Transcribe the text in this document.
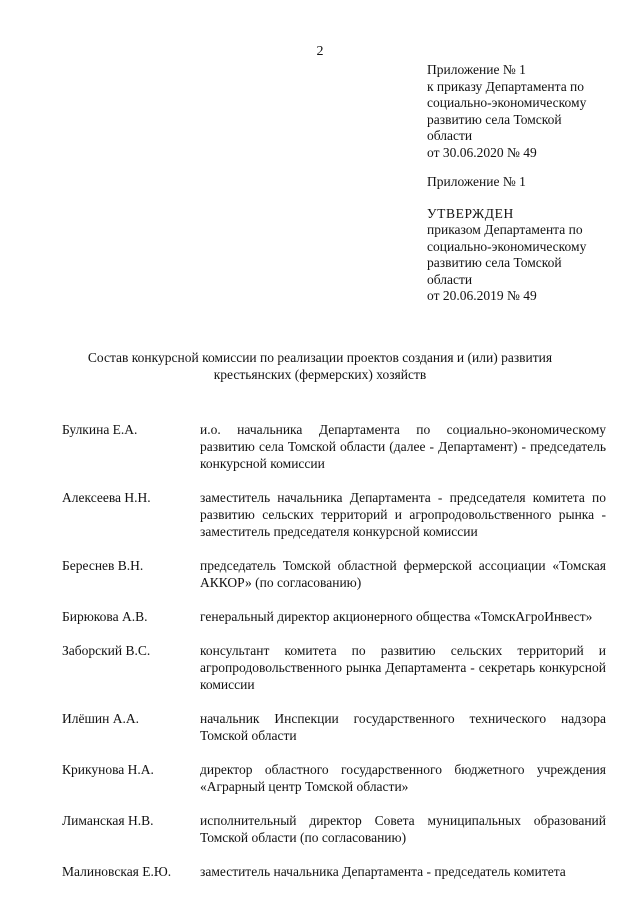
2
Приложение № 1
к приказу Департамента по
социально-экономическому
развитию села Томской
области
от 30.06.2020 № 49
Приложение № 1
УТВЕРЖДЕН
приказом Департамента по
социально-экономическому
развитию села Томской
области
от 20.06.2019 № 49
Состав конкурсной комиссии по реализации проектов создания и (или) развития
крестьянских (фермерских) хозяйств
Булкина Е.А.	и.о. начальника Департамента по социально-экономическому развитию села Томской области (далее - Департамент) - председатель конкурсной комиссии
Алексеева Н.Н.	заместитель начальника Департамента - председателя комитета по развитию сельских территорий и агропродовольственного рынка - заместитель председателя конкурсной комиссии
Береснев В.Н.	председатель Томской областной фермерской ассоциации «Томская АККОР» (по согласованию)
Бирюкова А.В.	генеральный директор акционерного общества «ТомскАгроИнвест»
Заборский В.С.	консультант комитета по развитию сельских территорий и агропродовольственного рынка Департамента - секретарь конкурсной комиссии
Илёшин А.А.	начальник Инспекции государственного технического надзора Томской области
Крикунова Н.А.	директор областного государственного бюджетного учреждения «Аграрный центр Томской области»
Лиманская Н.В.	исполнительный директор Совета муниципальных образований Томской области (по согласованию)
Малиновская Е.Ю.	заместитель начальника Департамента - председатель комитета
